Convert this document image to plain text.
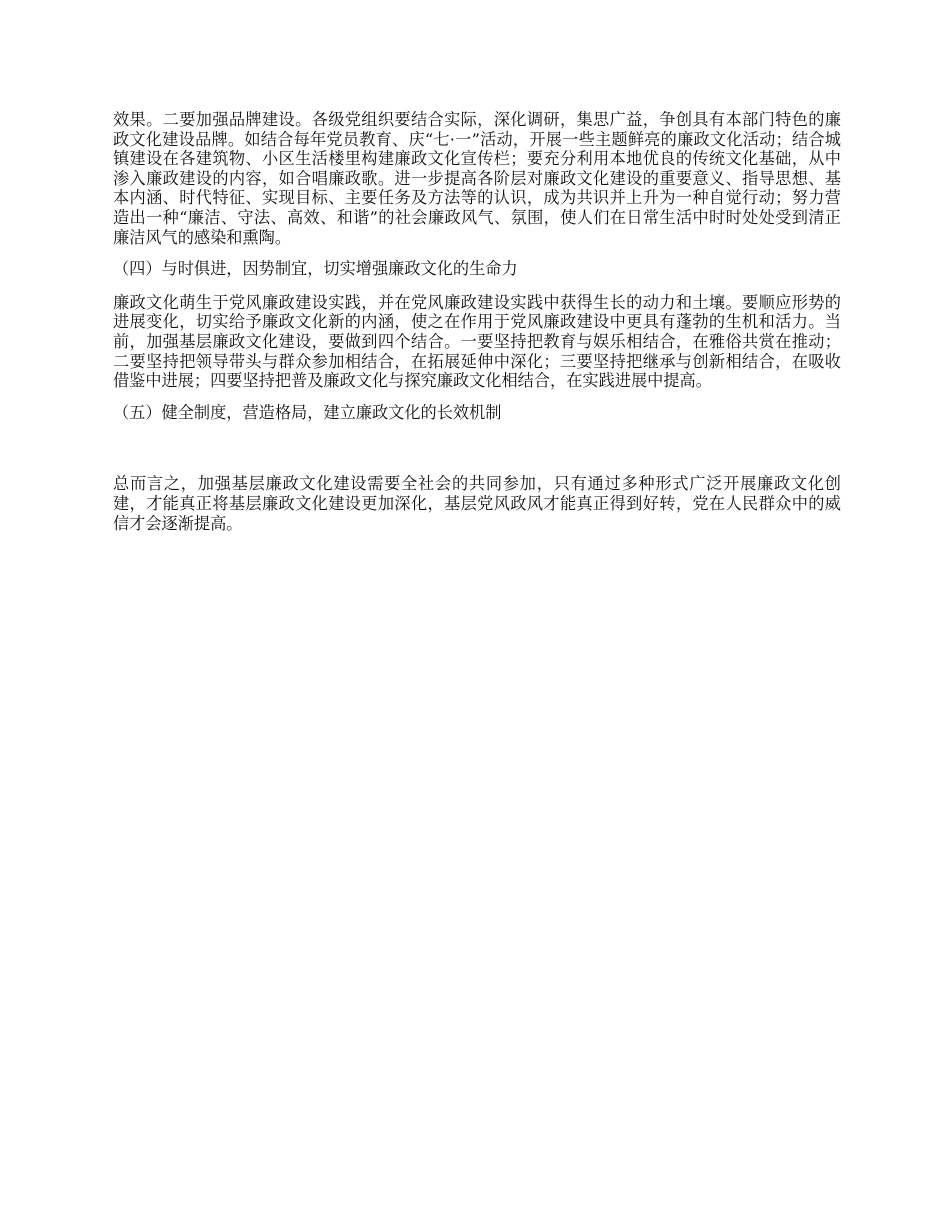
效果。二要加强品牌建设。各级党组织要结合实际，深化调研，集思广益，争创具有本部门特色的廉政文化建设品牌。如结合每年党员教育、庆“七·一”活动，开展一些主题鲜亮的廉政文化活动；结合城镇建设在各建筑物、小区生活楼里构建廉政文化宣传栏；要充分利用本地优良的传统文化基础，从中渗入廉政建设的内容，如合唱廉政歌。进一步提高各阶层对廉政文化建设的重要意义、指导思想、基本内涵、时代特征、实现目标、主要任务及方法等的认识，成为共识并上升为一种自觉行动；努力营造出一种“廉洁、守法、高效、和谐”的社会廉政风气、氛围，使人们在日常生活中时时处处受到清正廉洁风气的感染和熏陶。

（四）与时俱进，因势制宜，切实增强廉政文化的生命力

廉政文化萌生于党风廉政建设实践，并在党风廉政建设实践中获得生长的动力和土壤。要顺应形势的进展变化，切实给予廉政文化新的内涵，使之在作用于党风廉政建设中更具有蓬勃的生机和活力。当前，加强基层廉政文化建设，要做到四个结合。一要坚持把教育与娱乐相结合，在雅俗共赏在推动；二要坚持把领导带头与群众参加相结合，在拓展延伸中深化；三要坚持把继承与创新相结合，在吸收借鉴中进展；四要坚持把普及廉政文化与探究廉政文化相结合，在实践进展中提高。

（五）健全制度，营造格局，建立廉政文化的长效机制

总而言之，加强基层廉政文化建设需要全社会的共同参加，只有通过多种形式广泛开展廉政文化创建，才能真正将基层廉政文化建设更加深化，基层党风政风才能真正得到好转，党在人民群众中的威信才会逐渐提高。
